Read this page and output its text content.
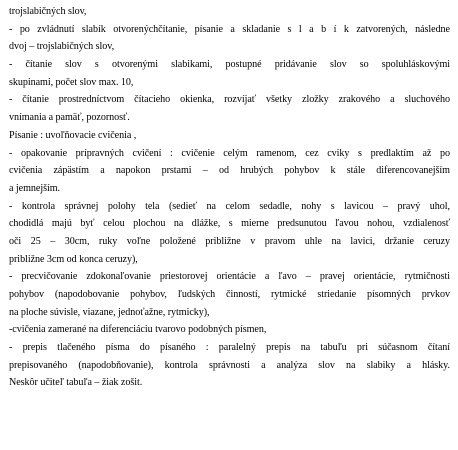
trojslabičných slov,
- po zvládnutí slabík otvorenýchčítanie, písanie a skladanie s l a b í k zatvorených, následne
dvoj – trojslabičných slov,
- čítanie slov s otvorenými slabikami, postupné pridávanie slov so spoluhláskovými
skupinami, počet slov max. 10,
- čítanie prostredníctvom čítacieho okienka, rozvíjať všetky zložky zrakového a sluchového
vnímania a pamäť, pozornosť.
Písanie : uvoľňovacie cvičenia ,
- opakovanie prípravných cvičení : cvičenie celým ramenom, cez cviky s predlaktím až po
cvičenia zápästím a napokon prstami – od hrubých pohybov k stále diferencovanejším
a jemnejším.
- kontrola správnej polohy tela (sedieť na celom sedadle, nohy s lavicou – pravý uhol,
chodidlá majú byť celou plochou na dlážke, s mierne predsunutou ľavou nohou, vzdialenosť
oči 25 – 30cm, ruky voľne položené približne v pravom uhle na lavici, držanie ceruzy
približne 3cm od konca ceruzy),
- precvičovanie zdokonaľovanie priestorovej orientácie a ľavo – pravej orientácie, rytmičnosti
pohybov (napodobovanie pohybov, ľudských činností, rytmické striedanie písomných prvkov
na ploche súvisle, viazane, jednoťažne, rytmicky),
-cvičenia zamerané na diferenciáciu tvarovo podobných písmen,
- prepis tlačeného písma do písaného : paralelný prepis na tabuľu pri súčasnom čítaní
prepisovaného (napodobňovanie), kontrola správnosti a analýza slov na slabiky a hlásky.
Neskôr učiteľ tabuľa – žiak zošit.
